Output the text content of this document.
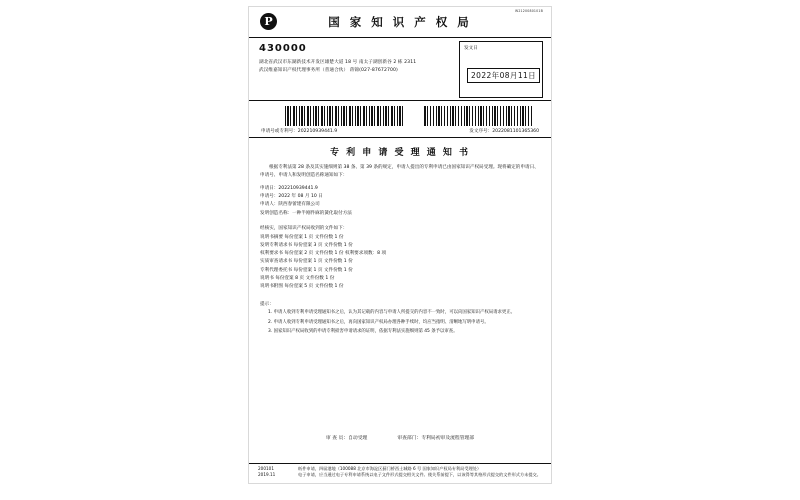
P	国 家 知 识 产 权 局
W2120080101B
430000
湖北省武汉市东湖新技术开发区雄楚大道 18 号 南太子湖创新谷 2 栋 2311
武汉维嘉知识产权代理事务所（普通合伙） 蒋锦(027-87672700)
发文日
2022年08月11日
申请号或专利号：202210939441.9	发文序号：2022081101365360
专 利 申 请 受 理 通 知 书
根据专利法第 28 条及其实施细则第 38 条、第 39 条的规定，申请人提出的专利申请已由国家知识产权局受理。现将确定的申请日、申请号、申请人和发明创造名称通知如下：
申请日：202210939441.9
申请号：2022 年 08 月 10 日
申请人：陕西春蕾建有限公司
发明创造名称：一种半刚件麻的簧化取付方法
经核实，国家知识产权局收到的文件如下：
说明书摘要 每份壹案 1 页 文件份数 1 份
发明专利请求书 每份壹案 3 页 文件份数 1 份
权利要求书 每份壹案 2 页 文件份数 1 份 权利要求项数：8 项
实质审查请求书 每份壹案 1 页 文件份数 1 份
专利代理委托书 每份壹案 1 页 文件份数 1 份
说明书 每份壹案 8 页 文件份数 1 份
说明书附图 每份壹案 5 页 文件份数 1 份
提示：
1. 申请人收到专利申请受理通知书之后，认为其记载的内容与申请人所提交的内容不一致时，可以向国家知识产权局请求更正。
2. 申请人收到专利申请受理通知书之后，再向国家知识产权局办理各种手续时，均应当指明、清晰地写明申请号。
3. 国家知识产权局收到的申请专利损害申请请求的证明，依据专利法实施细则第 45 条予以审查。
审 查 员：自动受理	审查部门：专利局初审及流程管理部
200101
2019.11
纸件申请，四届港地（100088 北京市海淀区蓟门桥西土城路 6 号 国家知识产权局专利局受理处）
电子申请，应当通过电子专利申请系统以电子文件形式提交相关文件。使关系前提下，以该得等其格形式提交的文件形式方未提交。
